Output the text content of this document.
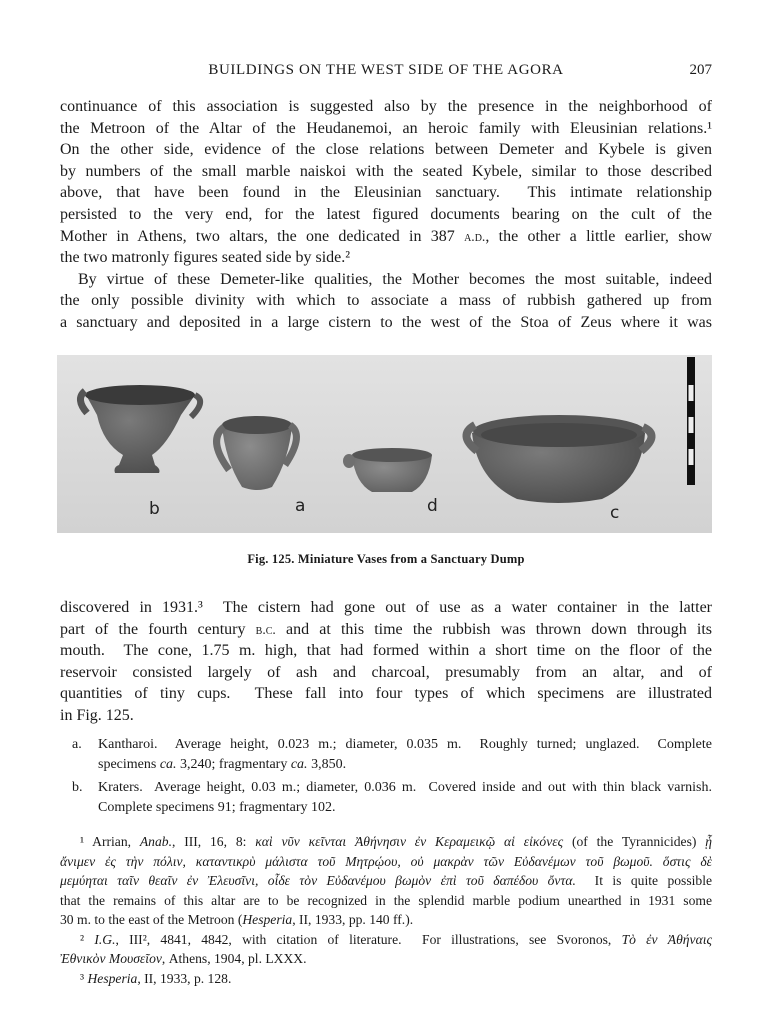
BUILDINGS ON THE WEST SIDE OF THE AGORA	207
continuance of this association is suggested also by the presence in the neighborhood of
the Metroon of the Altar of the Heudanemoi, an heroic family with Eleusinian relations.¹
On the other side, evidence of the close relations between Demeter and Kybele is given
by numbers of the small marble naiskoi with the seated Kybele, similar to those described
above, that have been found in the Eleusinian sanctuary.  This intimate relationship
persisted to the very end, for the latest figured documents bearing on the cult of the
Mother in Athens, two altars, the one dedicated in 387 a.d., the other a little earlier, show
the two matronly figures seated side by side.²
By virtue of these Demeter-like qualities, the Mother becomes the most suitable, indeed
the only possible divinity with which to associate a mass of rubbish gathered up from
a sanctuary and deposited in a large cistern to the west of the Stoa of Zeus where it was
b	a	d	c
Fig. 125. Miniature Vases from a Sanctuary Dump
discovered in 1931.³  The cistern had gone out of use as a water container in the latter
part of the fourth century b.c. and at this time the rubbish was thrown down through its
mouth.  The cone, 1.75 m. high, that had formed within a short time on the floor of the
reservoir consisted largely of ash and charcoal, presumably from an altar, and of
quantities of tiny cups.  These fall into four types of which specimens are illustrated
in Fig. 125.
a. Kantharoi.  Average height, 0.023 m.; diameter, 0.035 m.  Roughly turned; unglazed.  Complete
specimens ca. 3,240; fragmentary ca. 3,850.
b. Kraters.  Average height, 0.03 m.; diameter, 0.036 m.  Covered inside and out with thin black varnish.
Complete specimens 91; fragmentary 102.
¹ Arrian, Anab., III, 16, 8: καὶ νῦν κεῖνται Ἀθήνησιν ἐν Κεραμεικῷ αἱ εἰκόνες (of the Tyrannicides) ᾗ
ἄνιμεν ἐς τὴν πόλιν, καταντικρὺ μάλιστα τοῦ Μητρῴου, οὐ μακρὰν τῶν Εὐδανέμων τοῦ βωμοῦ. ὅστις δὲ
μεμύηται ταῖν θεαῖν ἐν Ἐλευσῖνι, οἶδε τὸν Εὐδανέμου βωμὸν ἐπὶ τοῦ δαπέδου ὄντα.  It is quite possible
that the remains of this altar are to be recognized in the splendid marble podium unearthed in 1931 some
30 m. to the east of the Metroon (Hesperia, II, 1933, pp. 140 ff.).
² I.G., III², 4841, 4842, with citation of literature.  For illustrations, see Svoronos, Τὸ ἐν Ἀθήναις
Ἐθνικὸν Μουσεῖον, Athens, 1904, pl. LXXX.
³ Hesperia, II, 1933, p. 128.
